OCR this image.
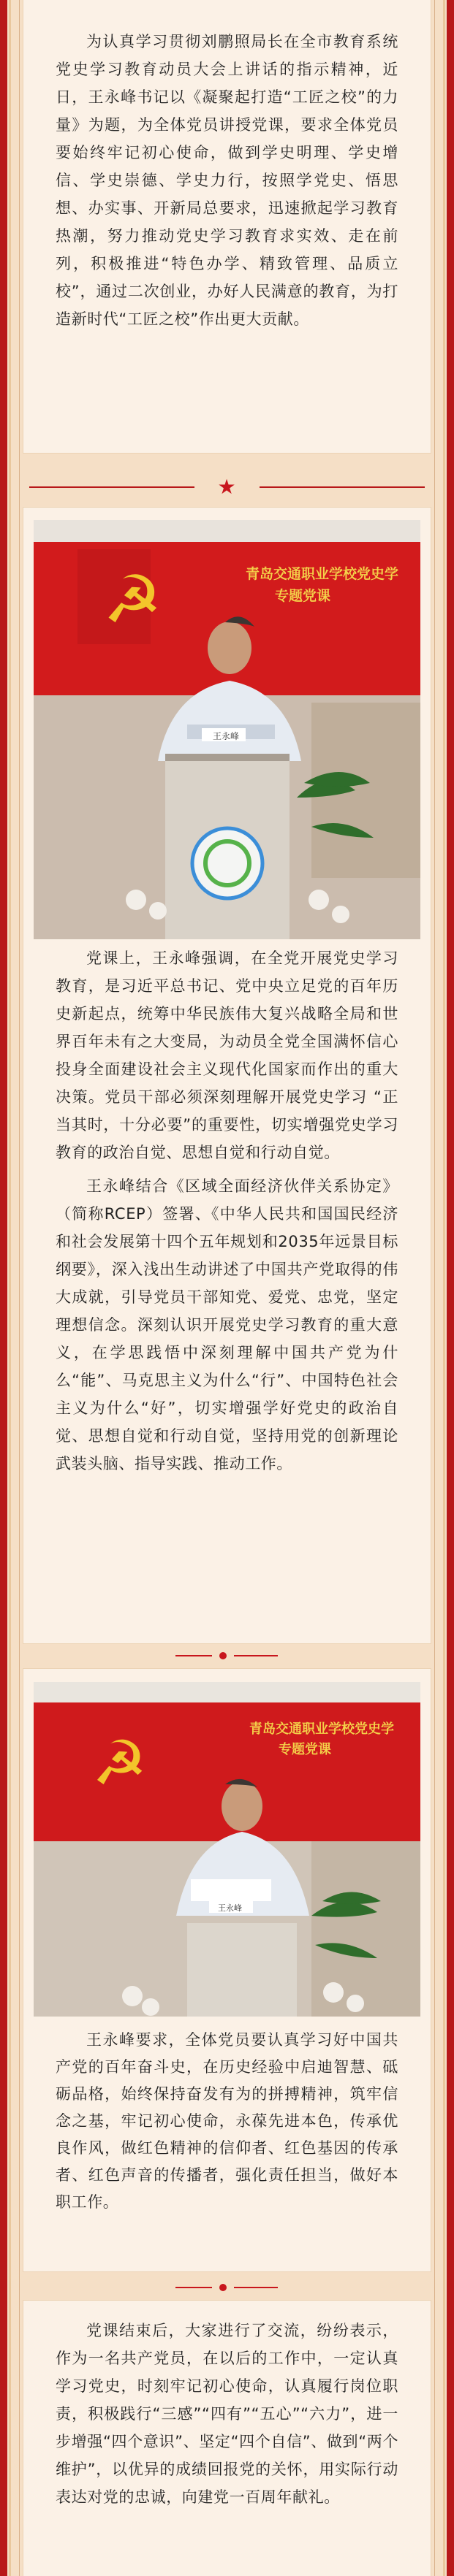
为认真学习贯彻刘鹏照局长在全市教育系统党史学习教育动员大会上讲话的指示精神，近日，王永峰书记以《凝聚起打造“工匠之校”的力量》为题，为全体党员讲授党课，要求全体党员要始终牢记初心使命，做到学史明理、学史增信、学史崇德、学史力行，按照学党史、悟思想、办实事、开新局总要求，迅速掀起学习教育热潮，努力推动党史学习教育求实效、走在前列，积极推进“特色办学、精致管理、品质立校”，通过二次创业，办好人民满意的教育，为打造新时代“工匠之校”作出更大贡献。

★

党课上，王永峰强调，在全党开展党史学习教育，是习近平总书记、党中央立足党的百年历史新起点，统筹中华民族伟大复兴战略全局和世界百年未有之大变局，为动员全党全国满怀信心投身全面建设社会主义现代化国家而作出的重大决策。党员干部必须深刻理解开展党史学习 “正当其时，十分必要”的重要性，切实增强党史学习教育的政治自觉、思想自觉和行动自觉。

王永峰结合《区域全面经济伙伴关系协定》（简称RCEP）签署、《中华人民共和国国民经济和社会发展第十四个五年规划和2035年远景目标纲要》，深入浅出生动讲述了中国共产党取得的伟大成就，引导党员干部知党、爱党、忠党，坚定理想信念。深刻认识开展党史学习教育的重大意义，在学思践悟中深刻理解中国共产党为什么“能”、马克思主义为什么“行”、中国特色社会主义为什么“好”，切实增强学好党史的政治自觉、思想自觉和行动自觉，坚持用党的创新理论武装头脑、指导实践、推动工作。

☭	青岛交通职业学校党史学
专题党课
王永峰

王永峰要求，全体党员要认真学习好中国共产党的百年奋斗史，在历史经验中启迪智慧、砥砺品格，始终保持奋发有为的拼搏精神，筑牢信念之基，牢记初心使命，永葆先进本色，传承优良作风，做红色精神的信仰者、红色基因的传承者、红色声音的传播者，强化责任担当，做好本职工作。

☭	青岛交通职业学校党史学
专题党课
王永峰

党课结束后，大家进行了交流，纷纷表示，作为一名共产党员，在以后的工作中，一定认真学习党史，时刻牢记初心使命，认真履行岗位职责，积极践行“三感”“四有”“五心”“六力”，进一步增强“四个意识”、坚定“四个自信”、做到“两个维护”，以优异的成绩回报党的关怀，用实际行动表达对党的忠诚，向建党一百周年献礼。
